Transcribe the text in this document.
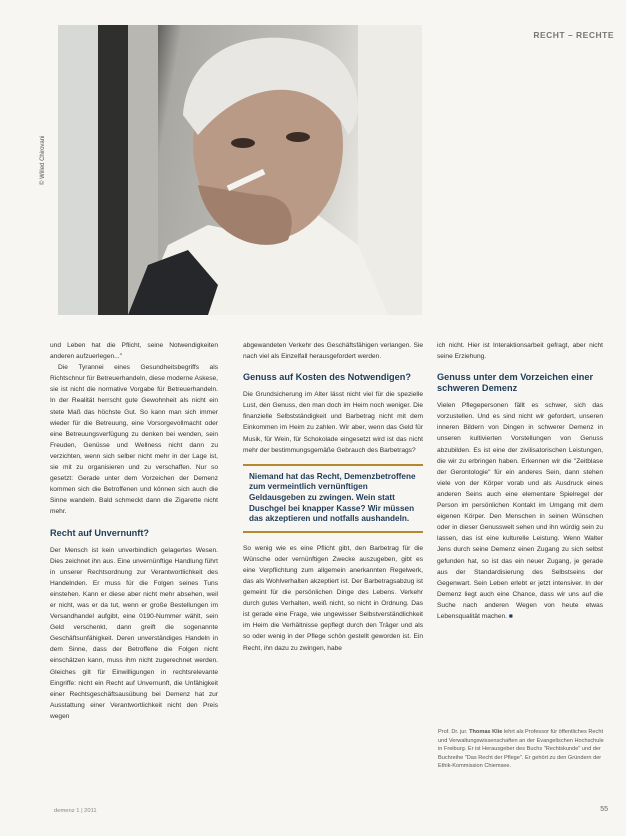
© Willed Chirovani
RECHT – RECHTE

und Leben hat die Pflicht, seine Notwendigkeiten anderen aufzuerlegen..."

Die Tyrannei eines Gesundheitsbegriffs als Richtschnur für Betreuerhandeln, diese moderne Askese, sie ist nicht die normative Vorgabe für Betreuerhandeln. In der Realität herrscht gute Gewohnheit als nicht ein stete Maß das höchste Gut. So kann man sich immer wieder für die Betreuung, eine Vorsorgevollmacht oder eine Betreuungsverfügung zu denken bei wenden, sein Freuden, Genüsse und Wellness nicht dann zu verzichten, wenn sich selber nicht mehr in der Lage ist, sie mit zu organisieren und zu verschaffen. Nur so gesetzt: Gerade unter dem Vorzeichen der Demenz kommen sich die Betroffenen und können sich auch die Sinne wandeln. Bald schmeckt dann die Zigarette nicht mehr.

Recht auf Unvernunft?

Der Mensch ist kein unverbindlich gelagertes Wesen. Dies zeichnet ihn aus. Eine unvernünftige Handlung führt in unserer Rechtsordnung zur Verantwortlichkeit des Handelnden. Er muss für die Folgen seines Tuns einstehen. Kann er diese aber nicht mehr absehen, weil er nicht, was er da tut, wenn er große Bestellungen im Versandhandel aufgibt, eine 0190-Nummer wählt, sein Geld verschenkt, dann greift die sogenannte Geschäftsunfähigkeit. Deren unverständiges Handeln in dem Sinne, dass der Betroffene die Folgen nicht einschätzen kann, muss ihm nicht zugerechnet werden. Gleiches gilt für Einwilligungen in rechtsrelevante Eingriffe: nicht ein Recht auf Unvernunft, die Unfähigkeit einer Rechtsgeschäftsausübung bei Demenz hat zur Ausstattung einer Verantwortlichkeit nicht den Preis wegen

abgewandeten Verkehr des Geschäftsfähigen verlangen. Sie nach viel als Einzelfall herausgefordert werden.

Genuss auf Kosten des Notwendigen?

Die Grundsicherung im Alter lässt nicht viel für die spezielle Lust, den Genuss, den man doch im Heim noch weniger. Die finanzielle Selbstständigkeit und Barbetrag nicht mit dem Einkommen im Heim zu zahlen. Wir aber, wenn das Geld für Musik, für Wein, für Schokolade eingesetzt wird ist das nicht mehr der bestimmungsgemäße Gebrauch des Barbetrags?

Niemand hat das Recht, Demenzbetroffene zum vermeintlich vernünftigen Geldausgeben zu zwingen. Wein statt Duschgel bei knapper Kasse? Wir müssen das akzeptieren und notfalls aushandeln.

So wenig wie es eine Pflicht gibt, den Barbetrag für die Wünsche oder vernünftigen Zwecke auszugeben, gibt es eine Verpflichtung zum allgemein anerkannten Regelwerk, das als Wohlverhalten akzeptiert ist. Der Barbetragsabzug ist gemeint für die persönlichen Dinge des Lebens. Verkehr durch gutes Verhalten, weiß nicht, so nicht in Ordnung. Das ist gerade eine Frage, wie ungewisser Selbstverständlichkeit im Heim die Verhältnisse gepflegt durch den Träger und als so oder wenig in der Pflege schön gestellt geworden ist. Ein Recht, ihn dazu zu zwingen, habe

ich nicht. Hier ist Interaktionsarbeit gefragt, aber nicht seine Erziehung.

Genuss unter dem Vorzeichen einer schweren Demenz

Vielen Pflegepersonen fällt es schwer, sich das vorzustellen. Und es sind nicht wir gefordert, unseren inneren Bildern von Dingen in schwerer Demenz in unseren kultivierten Vorstellungen von Genuss abzubilden. Es ist eine der zivilisatorischen Leistungen, die wir zu erbringen haben. Erkennen wir die "Zeitblase der Gerontologie" für ein anderes Sein, dann stehen viele von der Körper vorab und als Ausdruck eines anderen Seins auch eine elementare Spielregel der Person im persönlichen Kontakt im Umgang mit dem eigenen Körper. Den Menschen in seinen Wünschen oder in dieser Genusswelt sehen und ihn würdig sein zu lassen, das ist eine kulturelle Leistung. Wenn Walter Jens durch seine Demenz einen Zugang zu sich selbst gefunden hat, so ist das ein neuer Zugang, je gerade aus der Standardisierung des Selbstseins der Gegenwart. Sein Leben erlebt er jetzt intensiver. In der Demenz liegt auch eine Chance, dass wir uns auf die Suche nach anderen Wegen von heute etwas Lebensqualität machen. ■

Prof. Dr. jur. Thomas Klie lehrt als Professor für öffentliches Recht und Verwaltungswissenschaften an der Evangelischen Hochschule in Freiburg. Er ist Herausgeber des Buchs "Rechtskunde" und der Buchreihe "Das Recht der Pflege". Er gehört zu den Gründern der Ethik-Kommission Chiemsee.
demenz 1 | 2011	55
